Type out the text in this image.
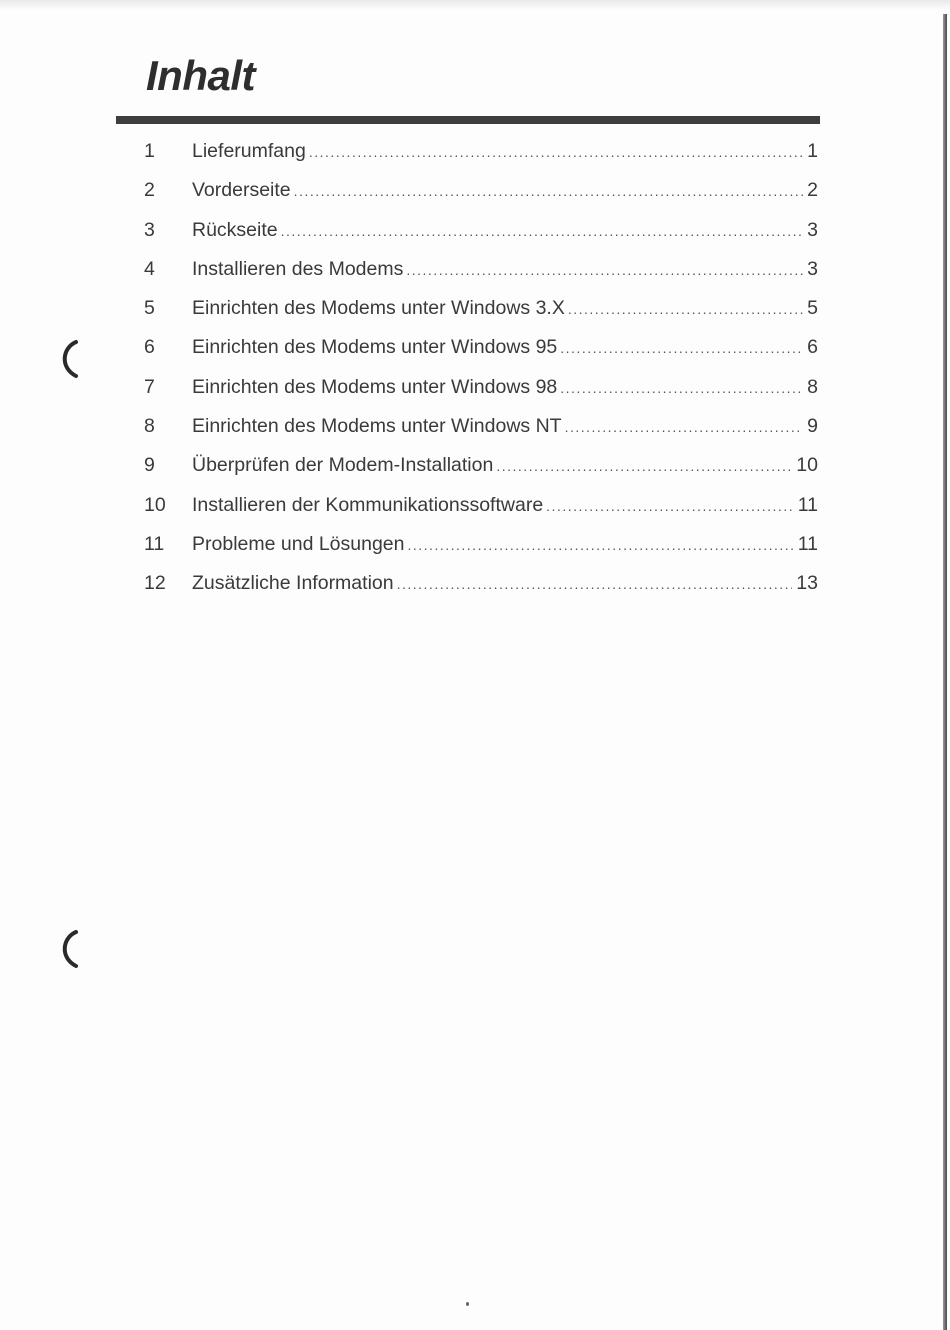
Inhalt
1	Lieferumfang .....	1
2	Vorderseite .....	2
3	Rückseite .....	3
4	Installieren des Modems .....	3
5	Einrichten des Modems unter Windows 3.X .....	5
6	Einrichten des Modems unter Windows 95 .....	6
7	Einrichten des Modems unter Windows 98 .....	8
8	Einrichten des Modems unter Windows NT .....	9
9	Überprüfen der Modem-Installation .....	10
10	Installieren der Kommunikationssoftware .....	11
11	Probleme und Lösungen .....	11
12	Zusätzliche Information .....	13
